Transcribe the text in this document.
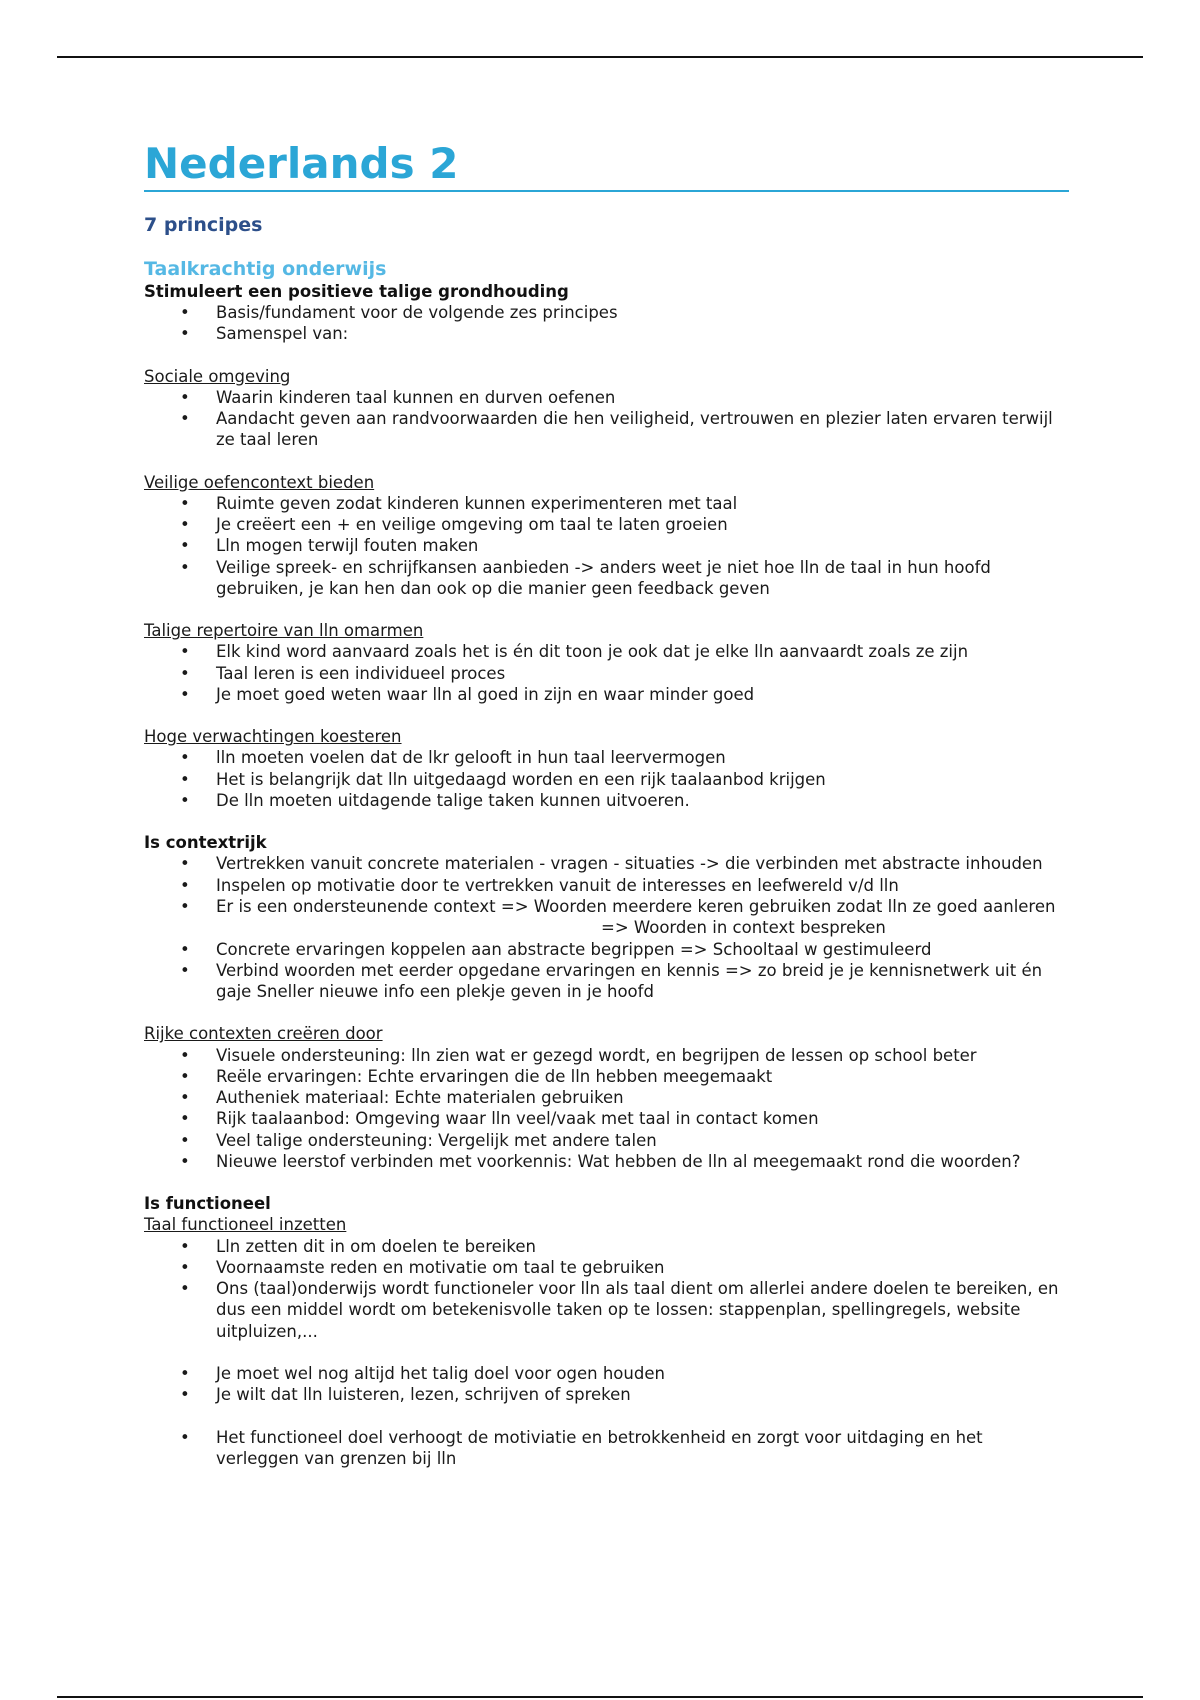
Nederlands 2
7 principes
Taalkrachtig onderwijs

Stimuleert een positieve talige grondhouding

• Basis/fundament voor de volgende zes principes
• Samenspel van:

Sociale omgeving

• Waarin kinderen taal kunnen en durven oefenen
• Aandacht geven aan randvoorwaarden die hen veiligheid, vertrouwen en plezier laten ervaren terwijl ze taal leren

Veilige oefencontext bieden

• Ruimte geven zodat kinderen kunnen experimenteren met taal
• Je creëert een + en veilige omgeving om taal te laten groeien
• Lln mogen terwijl fouten maken
• Veilige spreek- en schrijfkansen aanbieden -> anders weet je niet hoe lln de taal in hun hoofd gebruiken, je kan hen dan ook op die manier geen feedback geven

Talige repertoire van lln omarmen

• Elk kind word aanvaard zoals het is én dit toon je ook dat je elke lln aanvaardt zoals ze zijn
• Taal leren is een individueel proces
• Je moet goed weten waar lln al goed in zijn en waar minder goed

Hoge verwachtingen koesteren

• lln moeten voelen dat de lkr gelooft in hun taal leervermogen
• Het is belangrijk dat lln uitgedaagd worden en een rijk taalaanbod krijgen
• De lln moeten uitdagende talige taken kunnen uitvoeren.

Is contextrijk

• Vertrekken vanuit concrete materialen - vragen - situaties -> die verbinden met abstracte inhouden
• Inspelen op motivatie door te vertrekken vanuit de interesses en leefwereld v/d lln
• Er is een ondersteunende context => Woorden meerdere keren gebruiken zodat lln ze goed aanleren
=> Woorden in context bespreken
• Concrete ervaringen koppelen aan abstracte begrippen => Schooltaal w gestimuleerd
• Verbind woorden met eerder opgedane ervaringen en kennis => zo breid je je kennisnetwerk uit én gaje Sneller nieuwe info een plekje geven in je hoofd

Rijke contexten creëren door

• Visuele ondersteuning: lln zien wat er gezegd wordt, en begrijpen de lessen op school beter
• Reële ervaringen: Echte ervaringen die de lln hebben meegemaakt
• Autheniek materiaal: Echte materialen gebruiken
• Rijk taalaanbod: Omgeving waar lln veel/vaak met taal in contact komen
• Veel talige ondersteuning: Vergelijk met andere talen
• Nieuwe leerstof verbinden met voorkennis: Wat hebben de lln al meegemaakt rond die woorden?

Is functioneel

Taal functioneel inzetten

• Lln zetten dit in om doelen te bereiken
• Voornaamste reden en motivatie om taal te gebruiken
• Ons (taal)onderwijs wordt functioneler voor lln als taal dient om allerlei andere doelen te bereiken, en dus een middel wordt om betekenisvolle taken op te lossen: stappenplan, spellingregels, website uitpluizen,...
• Je moet wel nog altijd het talig doel voor ogen houden
• Je wilt dat lln luisteren, lezen, schrijven of spreken
• Het functioneel doel verhoogt de motiviatie en betrokkenheid en zorgt voor uitdaging en het verleggen van grenzen bij lln
